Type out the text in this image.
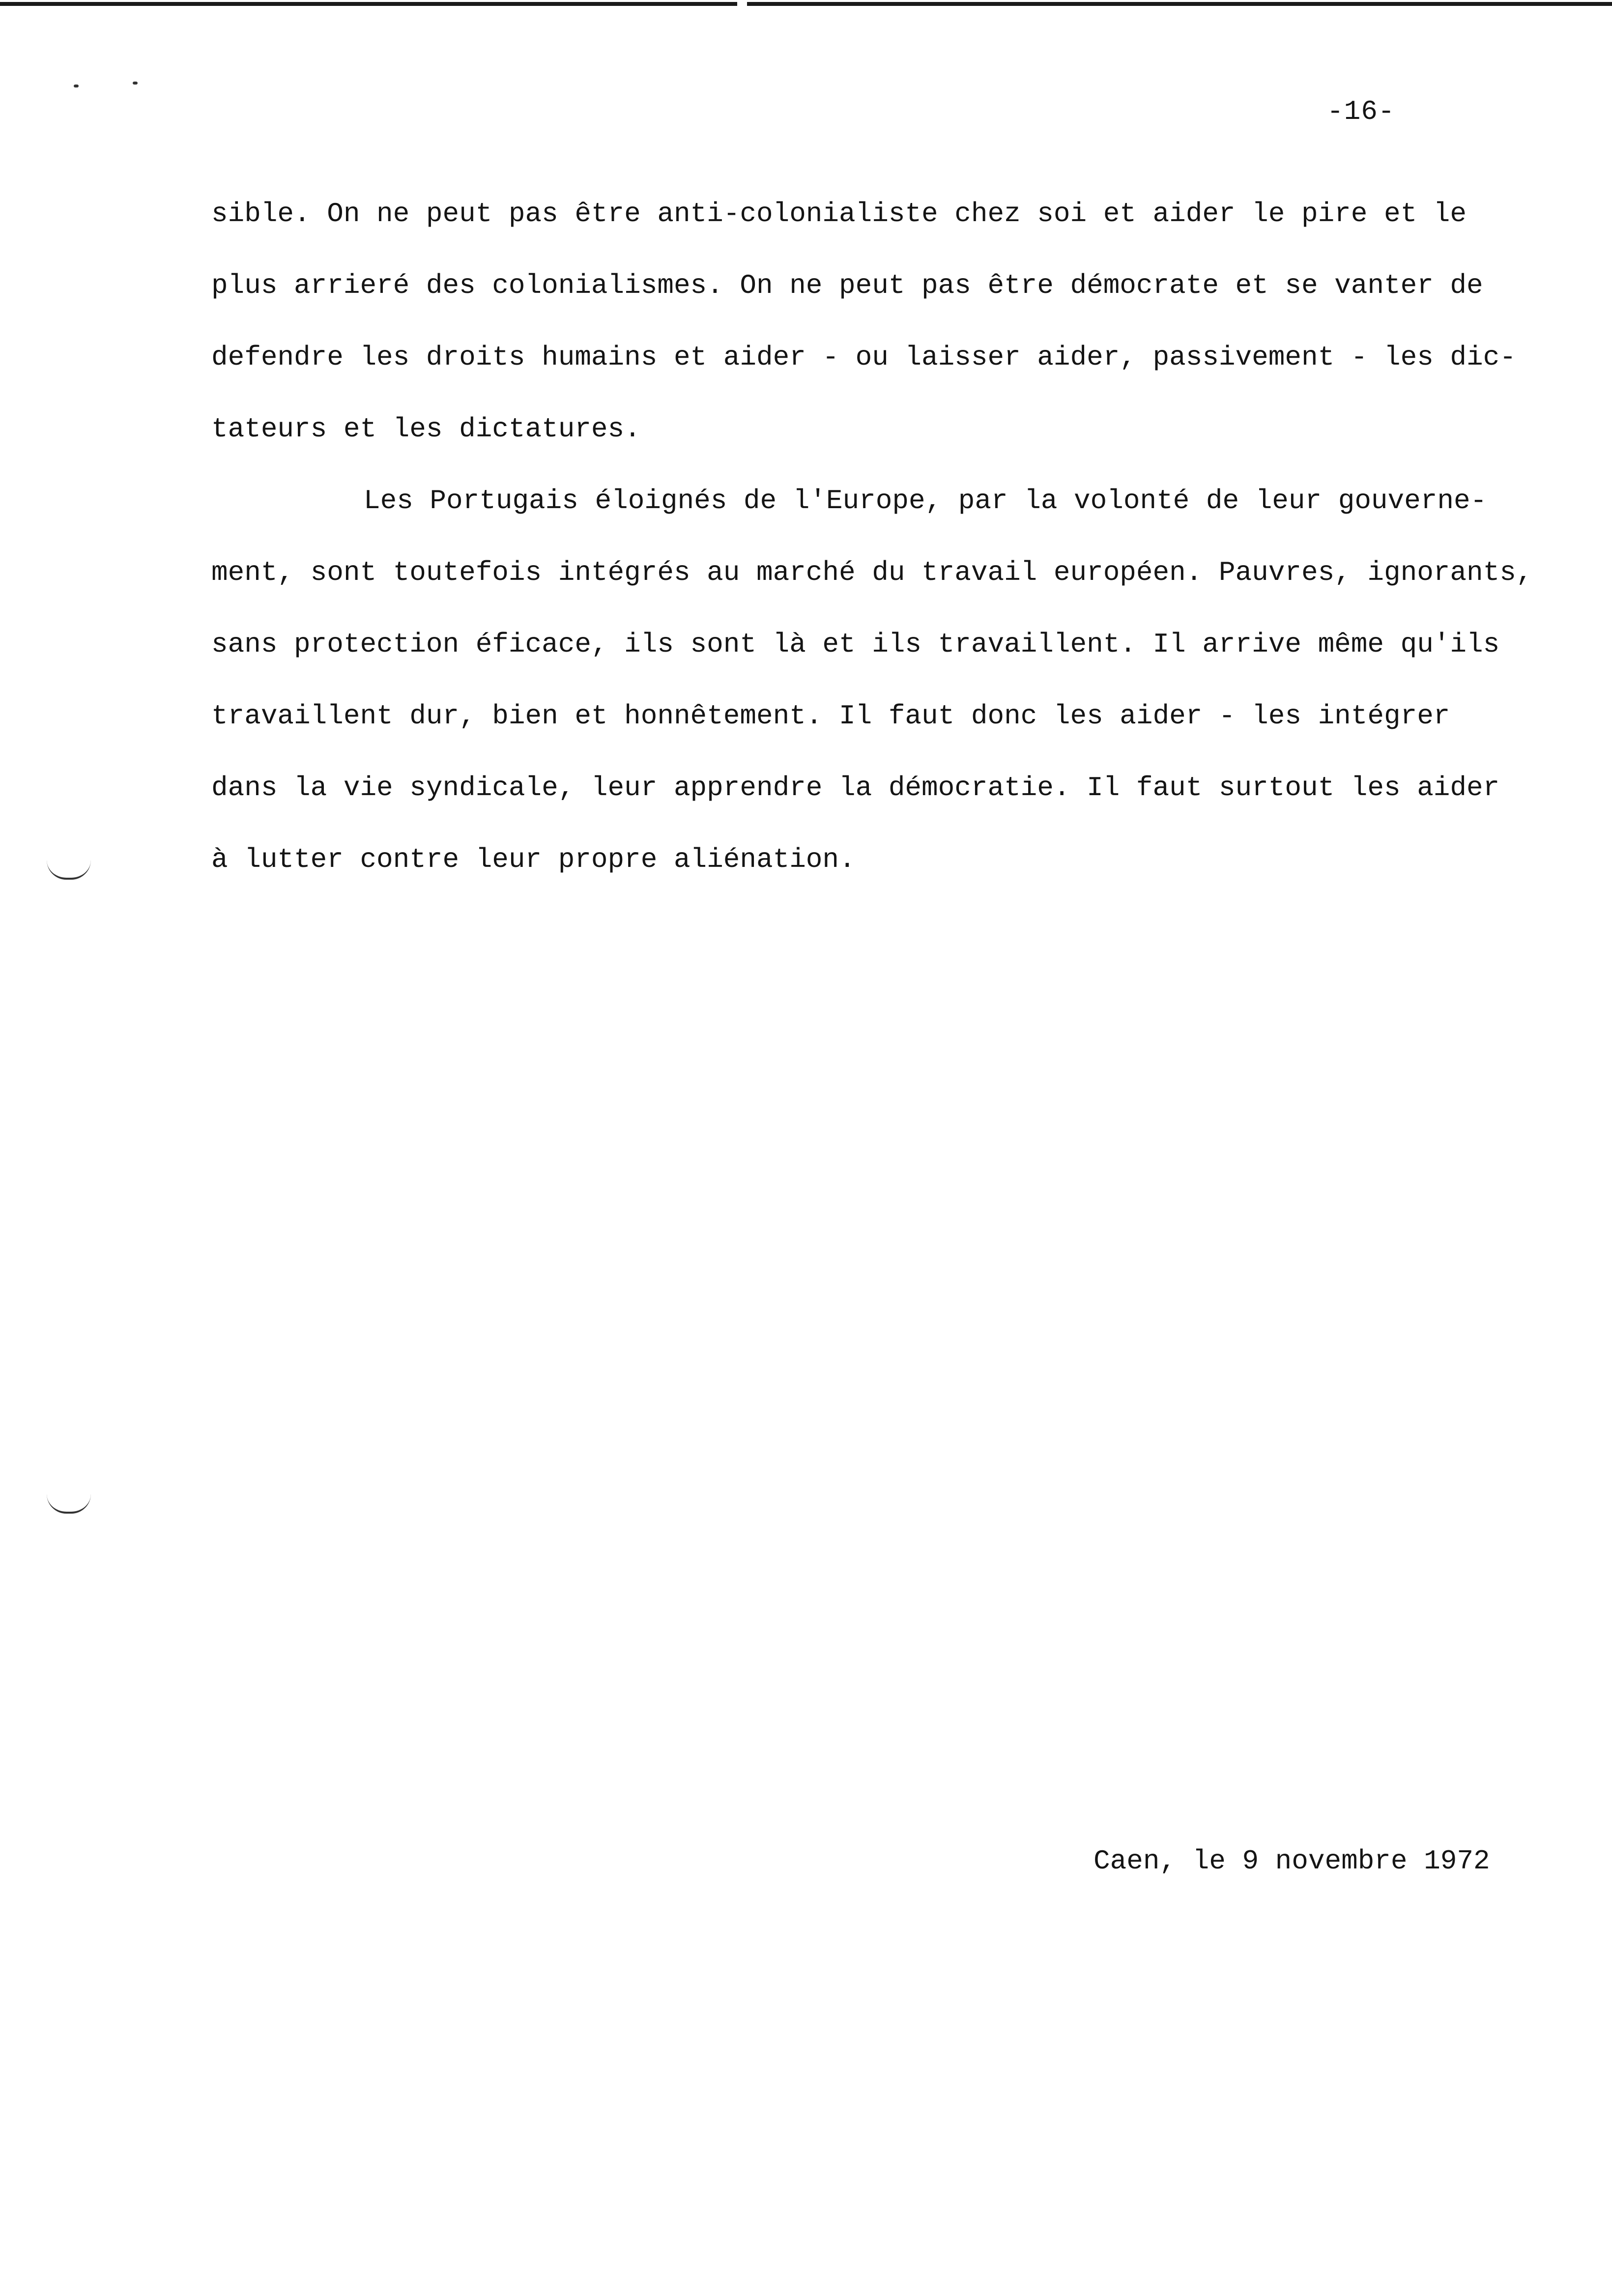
-16-
sible. On ne peut pas être anti-colonialiste chez soi et aider le pire et le
plus arrieré des colonialismes. On ne peut pas être démocrate et se vanter de
defendre les droits humains et aider - ou laisser aider, passivement - les dic-
tateurs et les dictatures.
Les Portugais éloignés de l'Europe, par la volonté de leur gouverne-
ment, sont toutefois intégrés au marché du travail européen. Pauvres, ignorants,
sans protection éficace, ils sont là et ils travaillent. Il arrive même qu'ils
travaillent dur, bien et honnêtement. Il faut donc les aider - les intégrer
dans la vie syndicale, leur apprendre la démocratie. Il faut surtout les aider
à lutter contre leur propre aliénation.
Caen, le 9 novembre 1972
